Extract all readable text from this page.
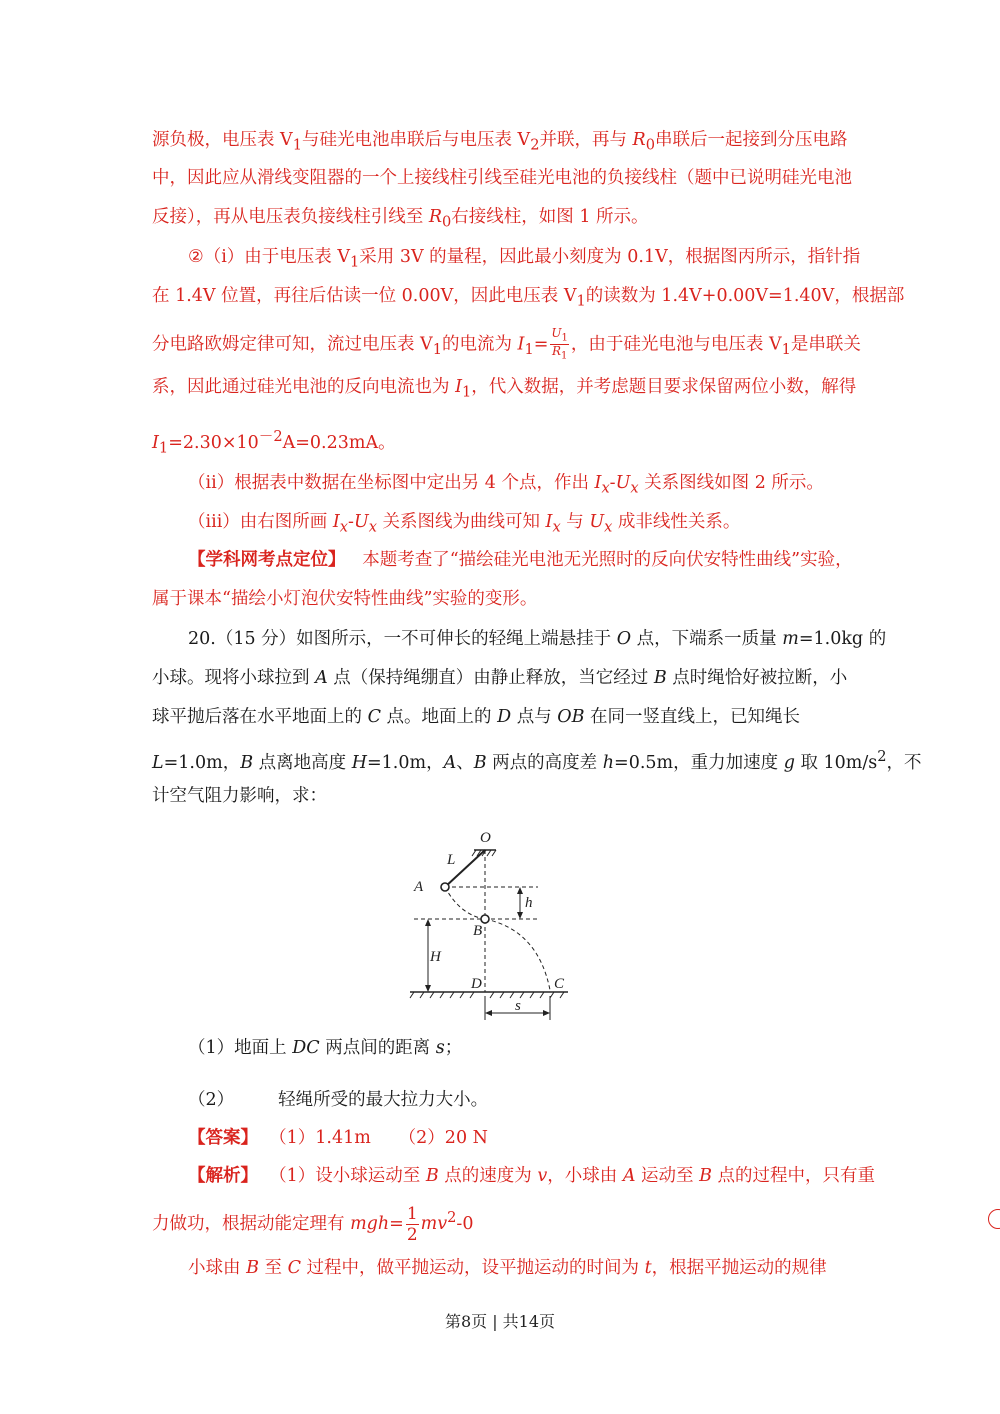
源负极，电压表 $V_1$与硅光电池串联后与电压表 $V_2$并联，再与 $R_0$串联后一起接到分压电路

中，因此应从滑线变阻器的一个上接线柱引线至硅光电池的负接线柱（题中已说明硅光电池

反接），再从电压表负接线柱引线至 $R_0$右接线柱，如图 1 所示。

②（i）由于电压表 $V_1$采用 3V 的量程，因此最小刻度为 0.1V，根据图丙所示，指针指

在 1.4V 位置，再往后估读一位 0.00V，因此电压表 $V_1$的读数为 1.4V+0.00V=1.40V，根据部

分电路欧姆定律可知，流过电压表 $V_1$的电流为 $I_1= \frac{U_1}{R_1}$ ，由于硅光电池与电压表 $V_1$是串联关

系，因此通过硅光电池的反向电流也为 $I_1$，代入数据，并考虑题目要求保留两位小数，解得

$I_1=2.30\times 10^{-2}A=0.23mA$。

（ii）根据表中数据在坐标图中定出另 4 个点，作出 $I_x-U_x$ 关系图线如图 2 所示。

（iii）由右图所画 $I_x-U_x$ 关系图线为曲线可知 $I_x$ 与 $U_x$ 成非线性关系。

【学科网考点定位】 本题考查了“描绘硅光电池无光照时的反向伏安特性曲线”实验，

属于课本“描绘小灯泡伏安特性曲线”实验的变形。

20.（15 分）如图所示，一不可伸长的轻绳上端悬挂于 O 点，下端系一质量 m=1.0kg 的

小球。现将小球拉到 A 点（保持绳绷直）由静止释放，当它经过 B 点时绳恰好被拉断，小

球平抛后落在水平地面上的 C 点。地面上的 D 点与 OB 在同一竖直线上，已知绳长

L=1.0m，B 点离地高度 H=1.0m，A、B 两点的高度差 h=0.5m，重力加速度 g 取 $10m/s^2$，不

计空气阻力影响，求：

O
L
A
h
B
H
D	C
s

（1）地面上 DC 两点间的距离 s；

（2）	轻绳所受的最大拉力大小。

【答案】 （1）1.41m （2）20 N

【解析】 （1）设小球运动至 B 点的速度为 v，小球由 A 运动至 B 点的过程中，只有重

力做功，根据动能定理有 $mgh= \frac{1}{2} mv^2-0$

小球由 B 至 C 过程中，做平抛运动，设平抛运动的时间为 t，根据平抛运动的规律

第8页 | 共14页
